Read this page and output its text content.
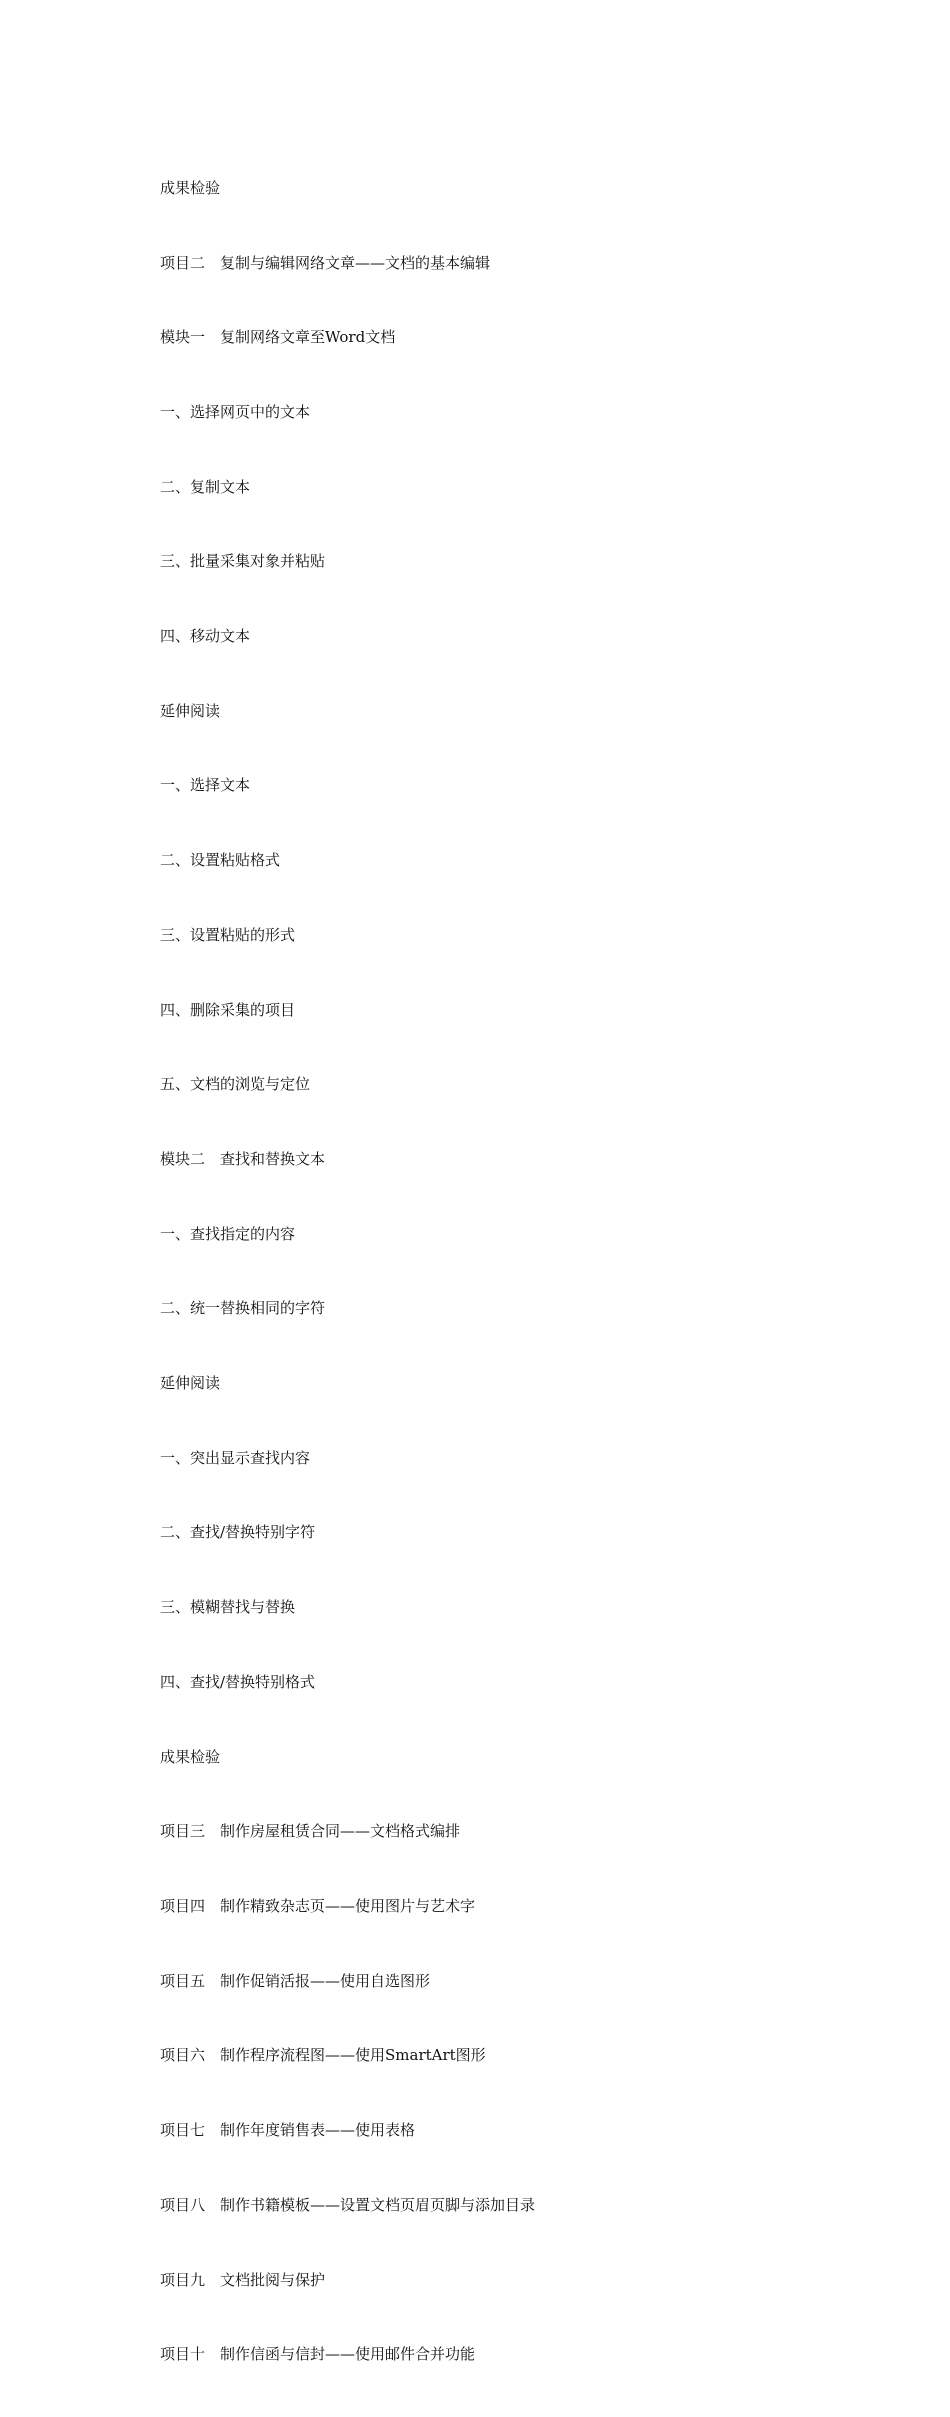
成果检验

项目二　复制与编辑网络文章——文档的基本编辑

模块一　复制网络文章至Word文档

一、选择网页中的文本

二、复制文本

三、批量采集对象并粘贴

四、移动文本

延伸阅读

一、选择文本

二、设置粘贴格式

三、设置粘贴的形式

四、删除采集的项目

五、文档的浏览与定位

模块二　查找和替换文本

一、查找指定的内容

二、统一替换相同的字符

延伸阅读

一、突出显示查找内容

二、查找/替换特别字符

三、模糊替找与替换

四、查找/替换特别格式

成果检验

项目三　制作房屋租赁合同——文档格式编排

项目四　制作精致杂志页——使用图片与艺术字

项目五　制作促销活报——使用自选图形

项目六　制作程序流程图——使用SmartArt图形

项目七　制作年度销售表——使用表格

项目八　制作书籍模板——设置文档页眉页脚与添加目录

项目九　文档批阅与保护

项目十　制作信函与信封——使用邮件合并功能
